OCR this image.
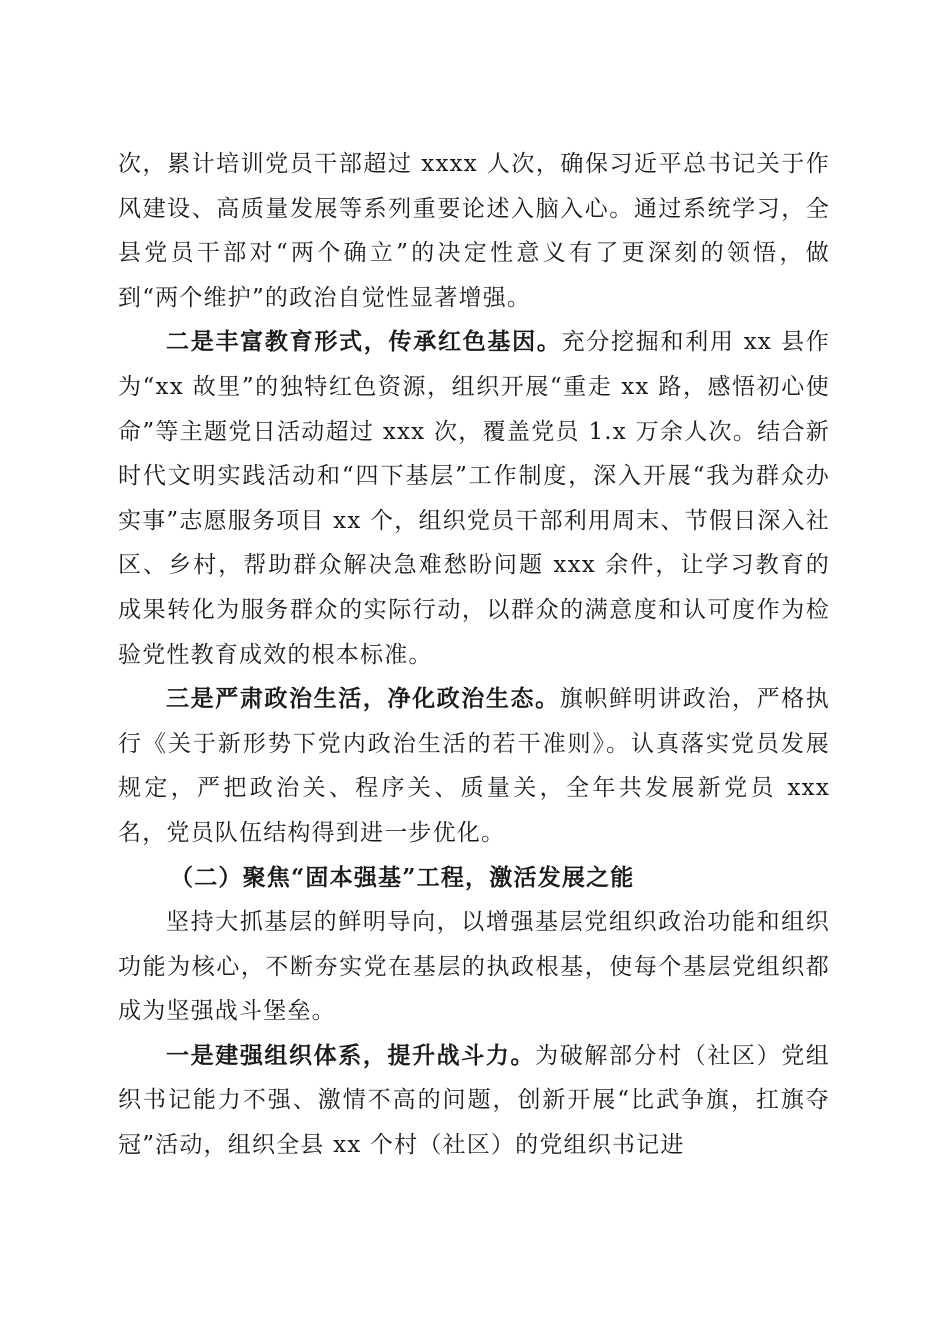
次，累计培训党员干部超过 xxxx 人次，确保习近平总书记关于作风建设、高质量发展等系列重要论述入脑入心。通过系统学习，全县党员干部对“两个确立”的决定性意义有了更深刻的领悟，做到“两个维护”的政治自觉性显著增强。

二是丰富教育形式，传承红色基因。充分挖掘和利用 xx 县作为“xx 故里”的独特红色资源，组织开展“重走 xx 路，感悟初心使命”等主题党日活动超过 xxx 次，覆盖党员 1.x 万余人次。结合新时代文明实践活动和“四下基层”工作制度，深入开展“我为群众办实事”志愿服务项目 xx 个，组织党员干部利用周末、节假日深入社区、乡村，帮助群众解决急难愁盼问题 xxx 余件，让学习教育的成果转化为服务群众的实际行动，以群众的满意度和认可度作为检验党性教育成效的根本标准。

三是严肃政治生活，净化政治生态。旗帜鲜明讲政治，严格执行《关于新形势下党内政治生活的若干准则》。认真落实党员发展规定，严把政治关、程序关、质量关，全年共发展新党员 xxx 名，党员队伍结构得到进一步优化。

（二）聚焦“固本强基”工程，激活发展之能

坚持大抓基层的鲜明导向，以增强基层党组织政治功能和组织功能为核心，不断夯实党在基层的执政根基，使每个基层党组织都成为坚强战斗堡垒。

一是建强组织体系，提升战斗力。为破解部分村（社区）党组织书记能力不强、激情不高的问题，创新开展“比武争旗，扛旗夺冠”活动，组织全县 xx 个村（社区）的党组织书记进
